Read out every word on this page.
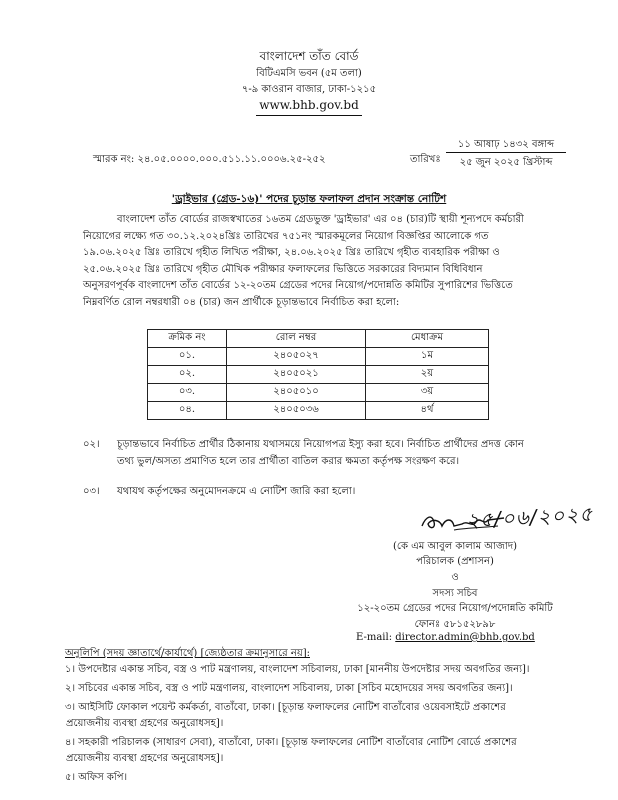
বাংলাদেশ তাঁত বোর্ড
বিটিএমসি ভবন (৫ম তলা)
৭-৯ কাওরান বাজার, ঢাকা-১২১৫
www.bhb.gov.bd
স্মারক নং: ২৪.০৫.০০০০.০০০.৫১১.১১.০০০৬.২৫-২৫২	তারিখঃ
১১ আষাঢ় ১৪৩২ বঙ্গাব্দ
২৫ জুন ২০২৫ খ্রিস্টাব্দ
'ড্রাইভার (গ্রেড-১৬)' পদের চূড়ান্ত ফলাফল প্রদান সংক্রান্ত নোটিশ
বাংলাদেশ তাঁত বোর্ডের রাজস্বখাতের ১৬তম গ্রেডভুক্ত 'ড্রাইভার' এর ০৪ (চার)টি স্থায়ী শূন্যপদে কর্মচারী
নিয়োগের লক্ষ্যে গত ৩০.১২.২০২৪খ্রিঃ তারিখের ৭৫১নং স্মারকমূলের নিয়োগ বিজ্ঞপ্তির আলোকে গত
১৯.০৬.২০২৫ খ্রিঃ তারিখে গৃহীত লিখিত পরীক্ষা, ২৪.০৬.২০২৫ খ্রিঃ তারিখে গৃহীত ব্যবহারিক পরীক্ষা ও
২৫.০৬.২০২৫ খ্রিঃ তারিখে গৃহীত মৌখিক পরীক্ষার ফলাফলের ভিত্তিতে সরকারের বিদ্যমান বিধিবিধান
অনুসরণপূর্বক বাংলাদেশ তাঁত বোর্ডের ১২-২০তম গ্রেডের পদের নিয়োগ/পদোন্নতি কমিটির সুপারিশের ভিত্তিতে
নিম্নবর্ণিত রোল নম্বরধারী ০৪ (চার) জন প্রার্থীকে চূড়ান্তভাবে নির্বাচিত করা হলো:
ক্রমিক নং	রোল নম্বর	মেধাক্রম
০১.	২৪০৫০২৭	১ম
০২.	২৪০৫০২১	২য়
০৩.	২৪০৫০১০	৩য়
০৪.	২৪০৫০৩৬	৪র্থ
০২। চূড়ান্তভাবে নির্বাচিত প্রার্থীর ঠিকানায় যথাসময়ে নিয়োগপত্র ইস্যু করা হবে। নির্বাচিত প্রার্থীদের প্রদত্ত কোন
তথ্য ভুল/অসত্য প্রমাণিত হলে তার প্রার্থীতা বাতিল করার ক্ষমতা কর্তৃপক্ষ সংরক্ষণ করে।
০৩। যথাযথ কর্তৃপক্ষের অনুমোদনক্রমে এ নোটিশ জারি করা হলো।
২৫/০৬/২০২৫
(কে এম আবুল কালাম আজাদ)
পরিচালক (প্রশাসন)
ও
সদস্য সচিব
১২-২০তম গ্রেডের পদের নিয়োগ/পদোন্নতি কমিটি
ফোনঃ ৫৮১৫২৮৯৮
E-mail: director.admin@bhb.gov.bd
অনুলিপি (সদয় জ্ঞাতার্থে/কার্যার্থে) [জ্যেষ্ঠতার ক্রমানুসারে নয়]:
১। উপদেষ্টার একান্ত সচিব, বস্ত্র ও পাট মন্ত্রণালয়, বাংলাদেশ সচিবালয়, ঢাকা [মাননীয় উপদেষ্টার সদয় অবগতির জন্য]।
২। সচিবের একান্ত সচিব, বস্ত্র ও পাট মন্ত্রণালয়, বাংলাদেশ সচিবালয়, ঢাকা [সচিব মহোদয়ের সদয় অবগতির জন্য]।
৩। আইসিটি ফোকাল পয়েন্ট কর্মকর্তা, বাতাঁবো, ঢাকা। [চূড়ান্ত ফলাফলের নোটিশ বাতাঁবোর ওয়েবসাইটে প্রকাশের
প্রয়োজনীয় ব্যবস্থা গ্রহণের অনুরোধসহ]।
৪। সহকারী পরিচালক (সাধারণ সেবা), বাতাঁবো, ঢাকা। [চূড়ান্ত ফলাফলের নোটিশ বাতাঁবোর নোটিশ বোর্ডে প্রকাশের
প্রয়োজনীয় ব্যবস্থা গ্রহণের অনুরোধসহ]।
৫। অফিস কপি।
